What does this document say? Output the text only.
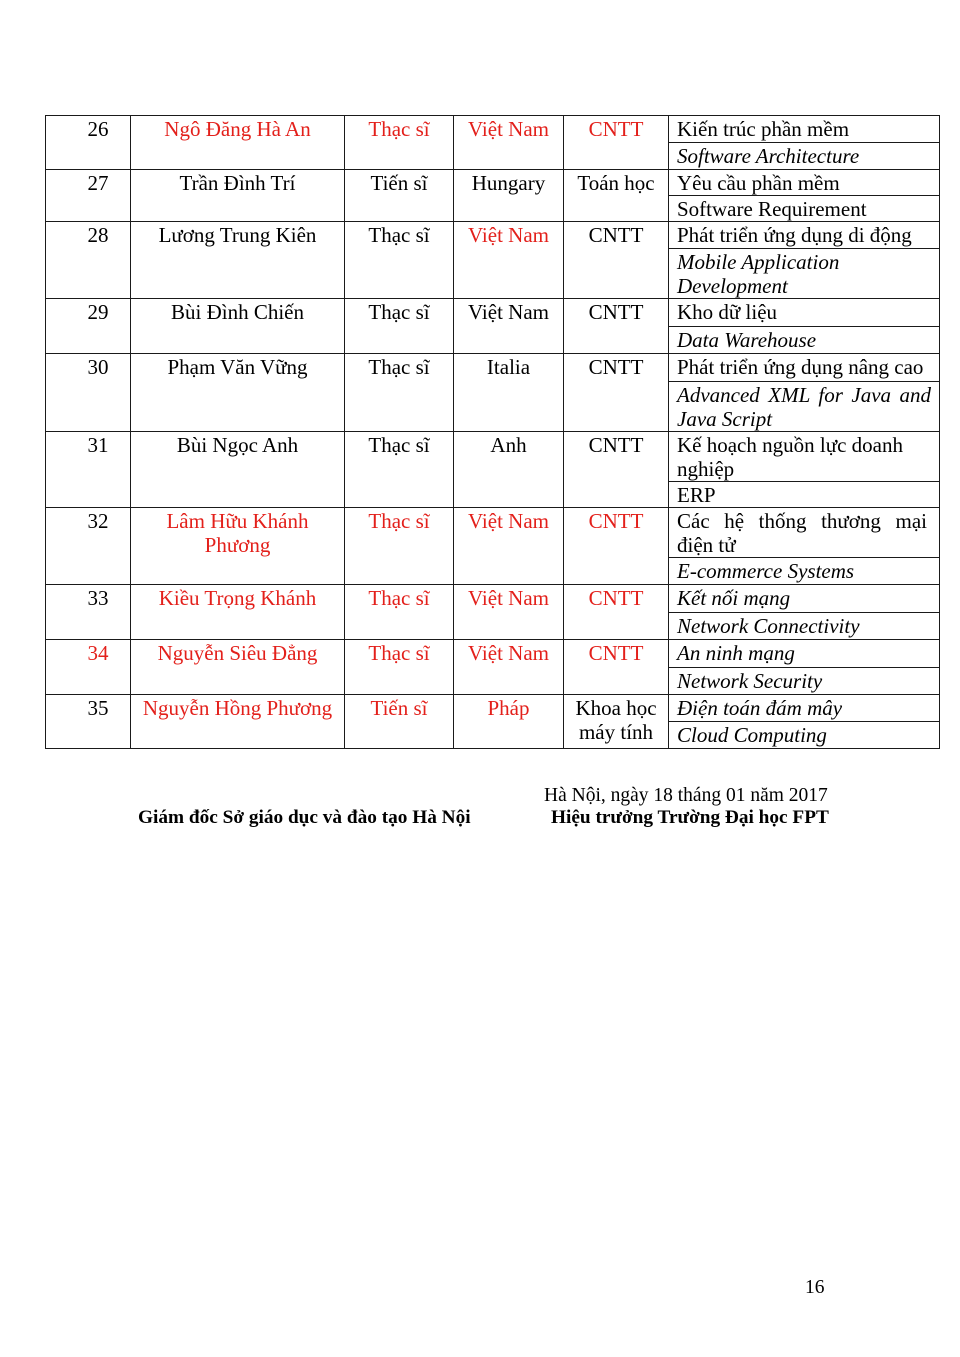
26	Ngô Đăng Hà An	Thạc sĩ	Việt Nam	CNTT	Kiến trúc phần mềm
					Software Architecture
27	Trần Đình Trí	Tiến sĩ	Hungary	Toán học	Yêu cầu phần mềm
					Software Requirement
28	Lương Trung Kiên	Thạc sĩ	Việt Nam	CNTT	Phát triển ứng dụng di động
					Mobile Application Development
29	Bùi Đình Chiến	Thạc sĩ	Việt Nam	CNTT	Kho dữ liệu
					Data Warehouse
30	Phạm Văn Vững	Thạc sĩ	Italia	CNTT	Phát triển ứng dụng nâng cao
					Advanced XML for Java and Java Script
31	Bùi Ngọc Anh	Thạc sĩ	Anh	CNTT	Kế hoạch nguồn lực doanh nghiệp
					ERP
32	Lâm Hữu Khánh Phương	Thạc sĩ	Việt Nam	CNTT	Các hệ thống thương mại điện tử
					E-commerce Systems
33	Kiều Trọng Khánh	Thạc sĩ	Việt Nam	CNTT	Kết nối mạng
					Network Connectivity
34	Nguyễn Siêu Đẳng	Thạc sĩ	Việt Nam	CNTT	An ninh mạng
					Network Security
35	Nguyễn Hồng Phương	Tiến sĩ	Pháp	Khoa học máy tính	Điện toán đám mây
					Cloud Computing
Hà Nội, ngày 18 tháng 01 năm 2017
Giám đốc Sở giáo dục và đào tạo Hà Nội	Hiệu trưởng Trường Đại học FPT
16
